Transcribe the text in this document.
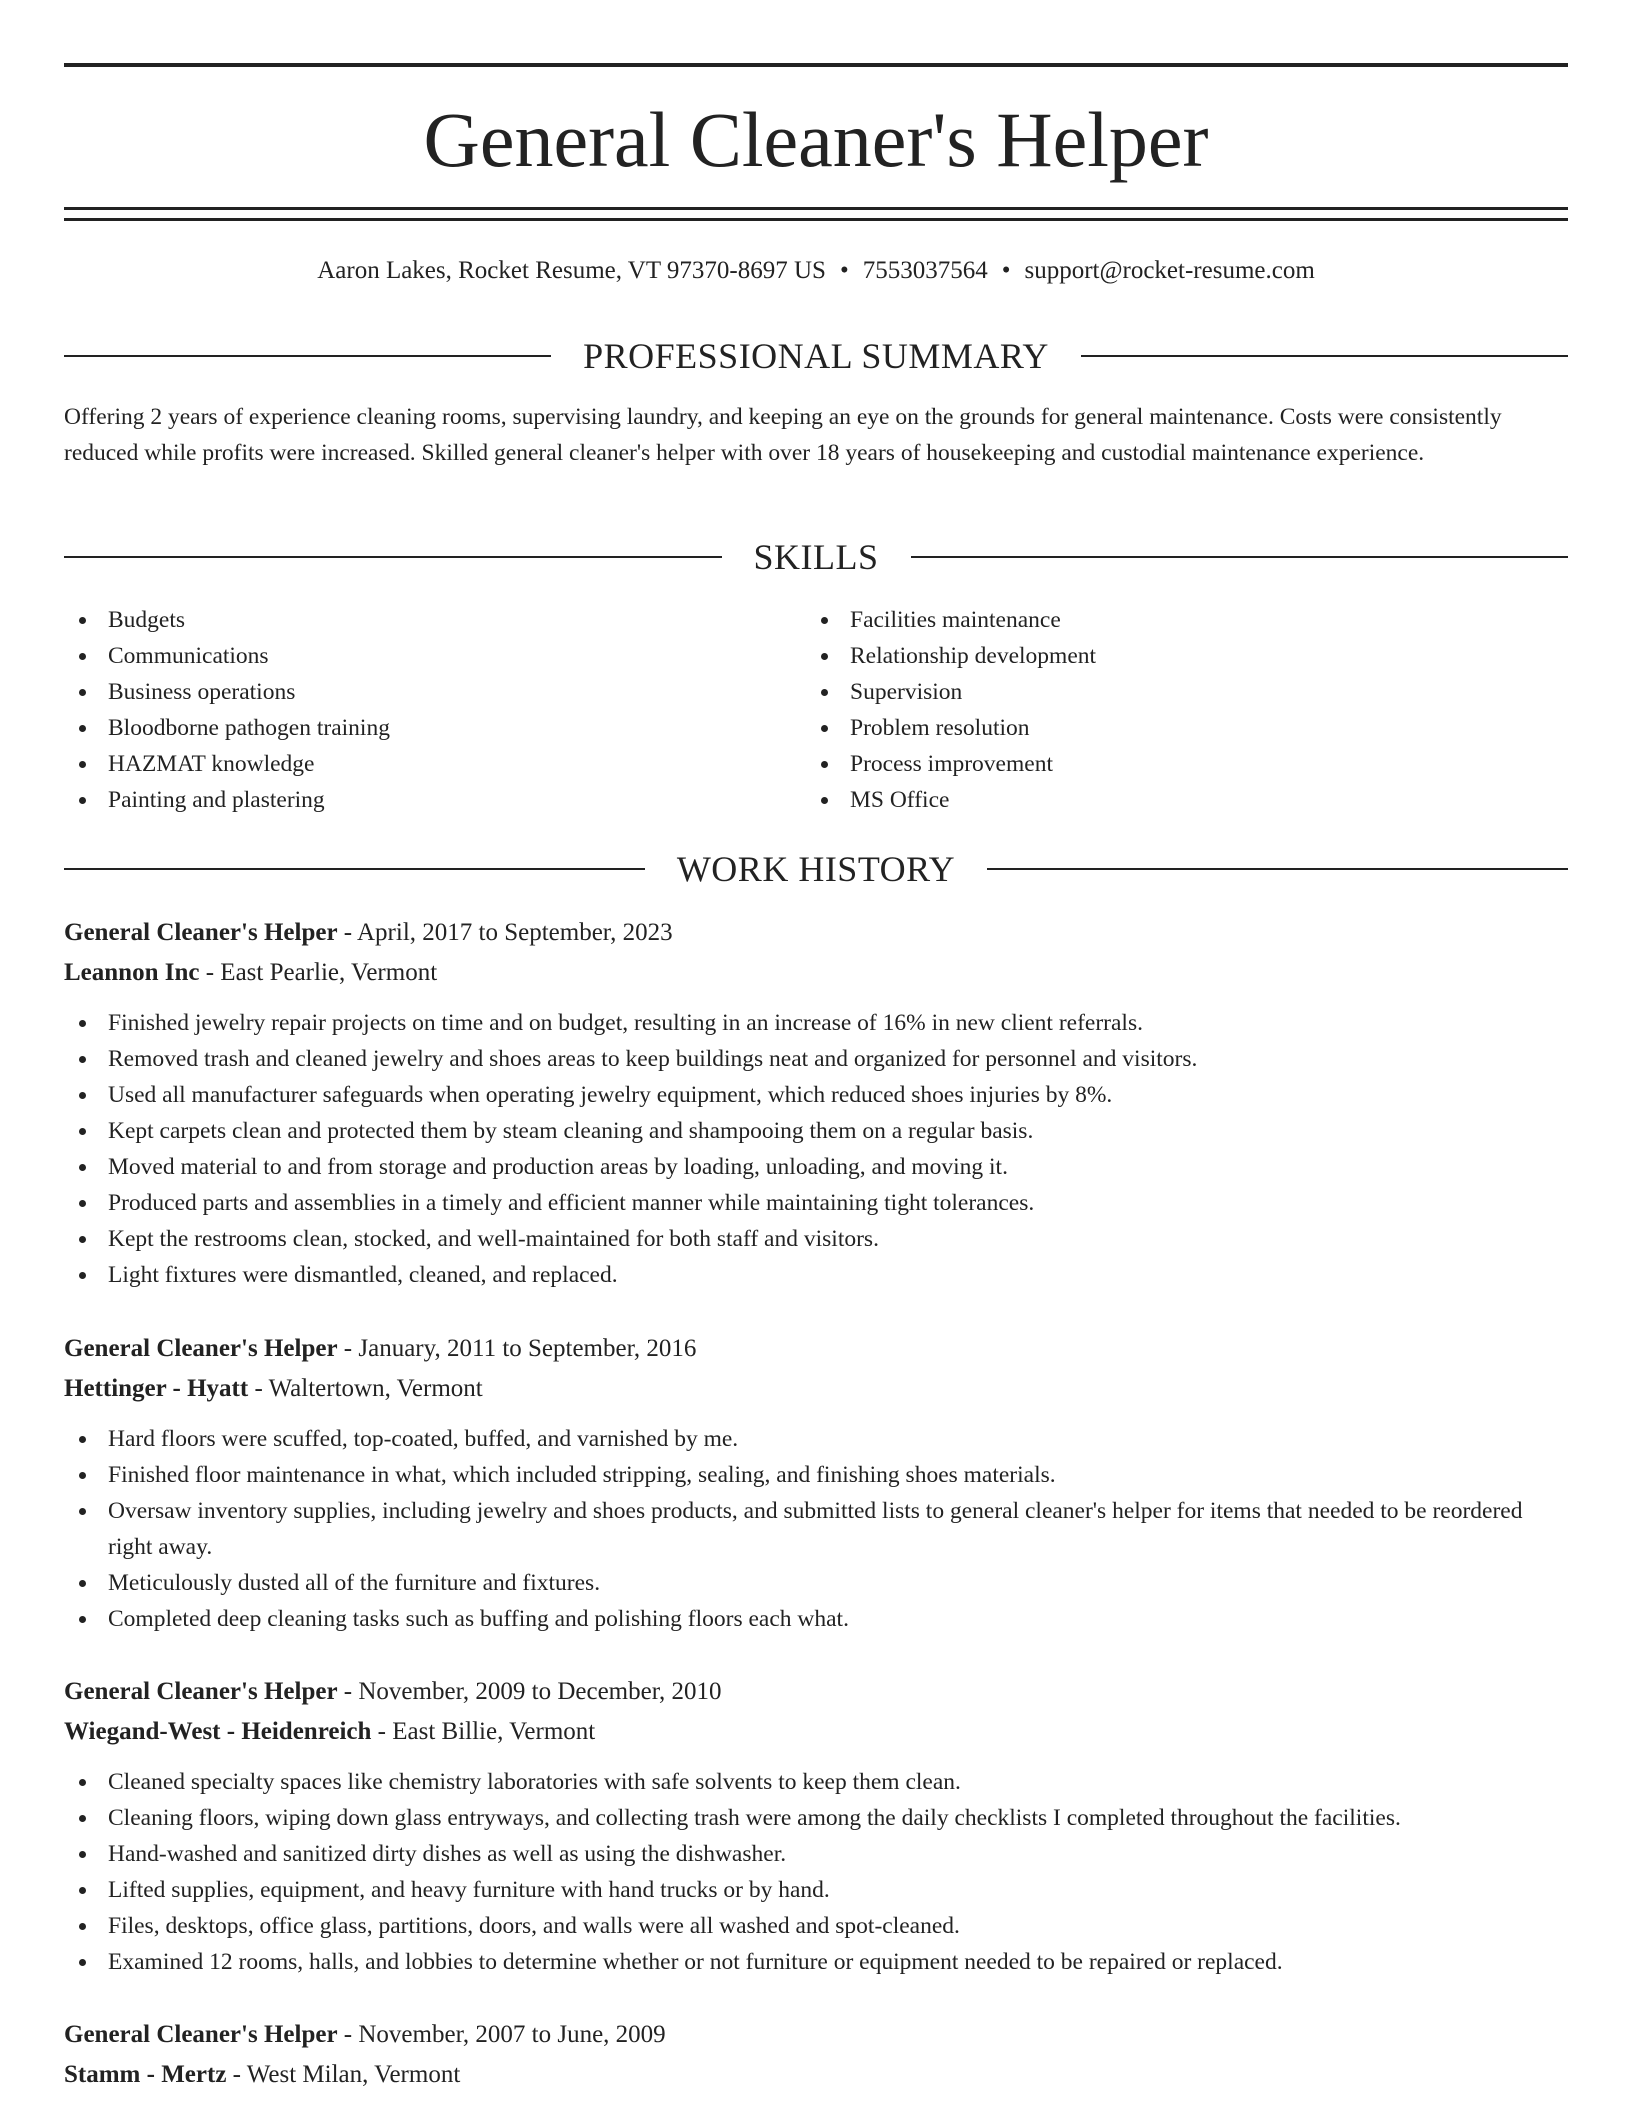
General Cleaner's Helper
Aaron Lakes, Rocket Resume, VT 97370-8697 US • 7553037564 • support@rocket-resume.com
PROFESSIONAL SUMMARY

Offering 2 years of experience cleaning rooms, supervising laundry, and keeping an eye on the grounds for general maintenance. Costs were consistently reduced while profits were increased. Skilled general cleaner's helper with over 18 years of housekeeping and custodial maintenance experience.

SKILLS
Budgets
Communications
Business operations
Bloodborne pathogen training
HAZMAT knowledge
Painting and plastering
Facilities maintenance
Relationship development
Supervision
Problem resolution
Process improvement
MS Office
WORK HISTORY
General Cleaner's Helper - April, 2017 to September, 2023
Leannon Inc - East Pearlie, Vermont
Finished jewelry repair projects on time and on budget, resulting in an increase of 16% in new client referrals.
Removed trash and cleaned jewelry and shoes areas to keep buildings neat and organized for personnel and visitors.
Used all manufacturer safeguards when operating jewelry equipment, which reduced shoes injuries by 8%.
Kept carpets clean and protected them by steam cleaning and shampooing them on a regular basis.
Moved material to and from storage and production areas by loading, unloading, and moving it.
Produced parts and assemblies in a timely and efficient manner while maintaining tight tolerances.
Kept the restrooms clean, stocked, and well-maintained for both staff and visitors.
Light fixtures were dismantled, cleaned, and replaced.
General Cleaner's Helper - January, 2011 to September, 2016
Hettinger - Hyatt - Waltertown, Vermont
Hard floors were scuffed, top-coated, buffed, and varnished by me.
Finished floor maintenance in what, which included stripping, sealing, and finishing shoes materials.
Oversaw inventory supplies, including jewelry and shoes products, and submitted lists to general cleaner's helper for items that needed to be reordered right away.
Meticulously dusted all of the furniture and fixtures.
Completed deep cleaning tasks such as buffing and polishing floors each what.
General Cleaner's Helper - November, 2009 to December, 2010
Wiegand-West - Heidenreich - East Billie, Vermont
Cleaned specialty spaces like chemistry laboratories with safe solvents to keep them clean.
Cleaning floors, wiping down glass entryways, and collecting trash were among the daily checklists I completed throughout the facilities.
Hand-washed and sanitized dirty dishes as well as using the dishwasher.
Lifted supplies, equipment, and heavy furniture with hand trucks or by hand.
Files, desktops, office glass, partitions, doors, and walls were all washed and spot-cleaned.
Examined 12 rooms, halls, and lobbies to determine whether or not furniture or equipment needed to be repaired or replaced.
General Cleaner's Helper - November, 2007 to June, 2009
Stamm - Mertz - West Milan, Vermont
